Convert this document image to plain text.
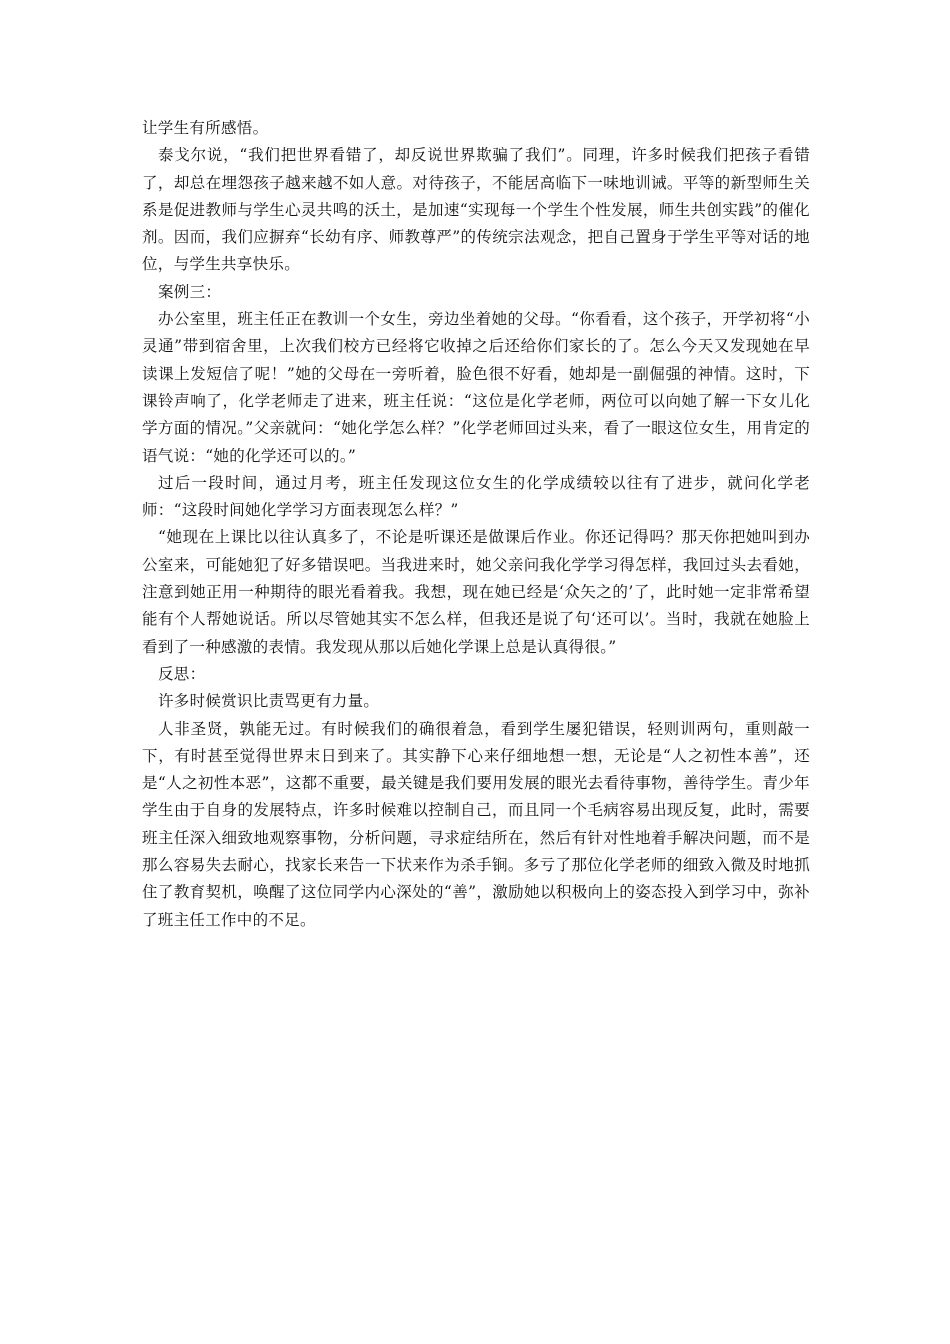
让学生有所感悟。

泰戈尔说，“我们把世界看错了，却反说世界欺骗了我们”。同理，许多时候我们把孩子看错了，却总在埋怨孩子越来越不如人意。对待孩子，不能居高临下一味地训诫。平等的新型师生关系是促进教师与学生心灵共鸣的沃土，是加速“实现每一个学生个性发展，师生共创实践”的催化剂。因而，我们应摒弃“长幼有序、师教尊严”的传统宗法观念，把自己置身于学生平等对话的地位，与学生共享快乐。

案例三：

办公室里，班主任正在教训一个女生，旁边坐着她的父母。“你看看，这个孩子，开学初将“小灵通”带到宿舍里，上次我们校方已经将它收掉之后还给你们家长的了。怎么今天又发现她在早读课上发短信了呢！”她的父母在一旁听着，脸色很不好看，她却是一副倔强的神情。这时，下课铃声响了，化学老师走了进来，班主任说：“这位是化学老师，两位可以向她了解一下女儿化学方面的情况。”父亲就问：“她化学怎么样？”化学老师回过头来，看了一眼这位女生，用肯定的语气说：“她的化学还可以的。”

过后一段时间，通过月考，班主任发现这位女生的化学成绩较以往有了进步，就问化学老师：“这段时间她化学学习方面表现怎么样？”

“她现在上课比以往认真多了，不论是听课还是做课后作业。你还记得吗？那天你把她叫到办公室来，可能她犯了好多错误吧。当我进来时，她父亲问我化学学习得怎样，我回过头去看她，注意到她正用一种期待的眼光看着我。我想，现在她已经是‘众矢之的’了，此时她一定非常希望能有个人帮她说话。所以尽管她其实不怎么样，但我还是说了句‘还可以’。当时，我就在她脸上看到了一种感激的表情。我发现从那以后她化学课上总是认真得很。”

反思：

许多时候赏识比责骂更有力量。

人非圣贤，孰能无过。有时候我们的确很着急，看到学生屡犯错误，轻则训两句，重则敲一下，有时甚至觉得世界末日到来了。其实静下心来仔细地想一想，无论是“人之初性本善”，还是“人之初性本恶”，这都不重要，最关键是我们要用发展的眼光去看待事物，善待学生。青少年学生由于自身的发展特点，许多时候难以控制自己，而且同一个毛病容易出现反复，此时，需要班主任深入细致地观察事物，分析问题，寻求症结所在，然后有针对性地着手解决问题，而不是那么容易失去耐心，找家长来告一下状来作为杀手锏。多亏了那位化学老师的细致入微及时地抓住了教育契机，唤醒了这位同学内心深处的“善”，激励她以积极向上的姿态投入到学习中，弥补了班主任工作中的不足。
